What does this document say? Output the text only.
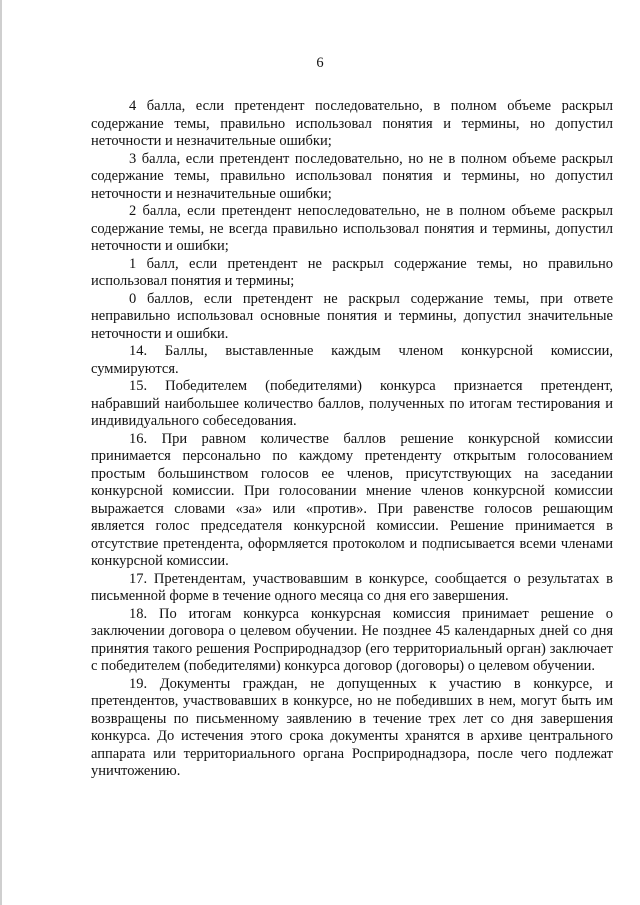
6

4 балла, если претендент последовательно, в полном объеме раскрыл содержание темы, правильно использовал понятия и термины, но допустил неточности и незначительные ошибки;

3 балла, если претендент последовательно, но не в полном объеме раскрыл содержание темы, правильно использовал понятия и термины, но допустил неточности и незначительные ошибки;

2 балла, если претендент непоследовательно, не в полном объеме раскрыл содержание темы, не всегда правильно использовал понятия и термины, допустил неточности и ошибки;

1 балл, если претендент не раскрыл содержание темы, но правильно использовал понятия и термины;

0 баллов, если претендент не раскрыл содержание темы, при ответе неправильно использовал основные понятия и термины, допустил значительные неточности и ошибки.

14. Баллы, выставленные каждым членом конкурсной комиссии, суммируются.

15. Победителем (победителями) конкурса признается претендент, набравший наибольшее количество баллов, полученных по итогам тестирования и индивидуального собеседования.

16. При равном количестве баллов решение конкурсной комиссии принимается персонально по каждому претенденту открытым голосованием простым большинством голосов ее членов, присутствующих на заседании конкурсной комиссии. При голосовании мнение членов конкурсной комиссии выражается словами «за» или «против». При равенстве голосов решающим является голос председателя конкурсной комиссии. Решение принимается в отсутствие претендента, оформляется протоколом и подписывается всеми членами конкурсной комиссии.

17. Претендентам, участвовавшим в конкурсе, сообщается о результатах в письменной форме в течение одного месяца со дня его завершения.

18. По итогам конкурса конкурсная комиссия принимает решение о заключении договора о целевом обучении. Не позднее 45 календарных дней со дня принятия такого решения Росприроднадзор (его территориальный орган) заключает с победителем (победителями) конкурса договор (договоры) о целевом обучении.

19. Документы граждан, не допущенных к участию в конкурсе, и претендентов, участвовавших в конкурсе, но не победивших в нем, могут быть им возвращены по письменному заявлению в течение трех лет со дня завершения конкурса. До истечения этого срока документы хранятся в архиве центрального аппарата или территориального органа Росприроднадзора, после чего подлежат уничтожению.
